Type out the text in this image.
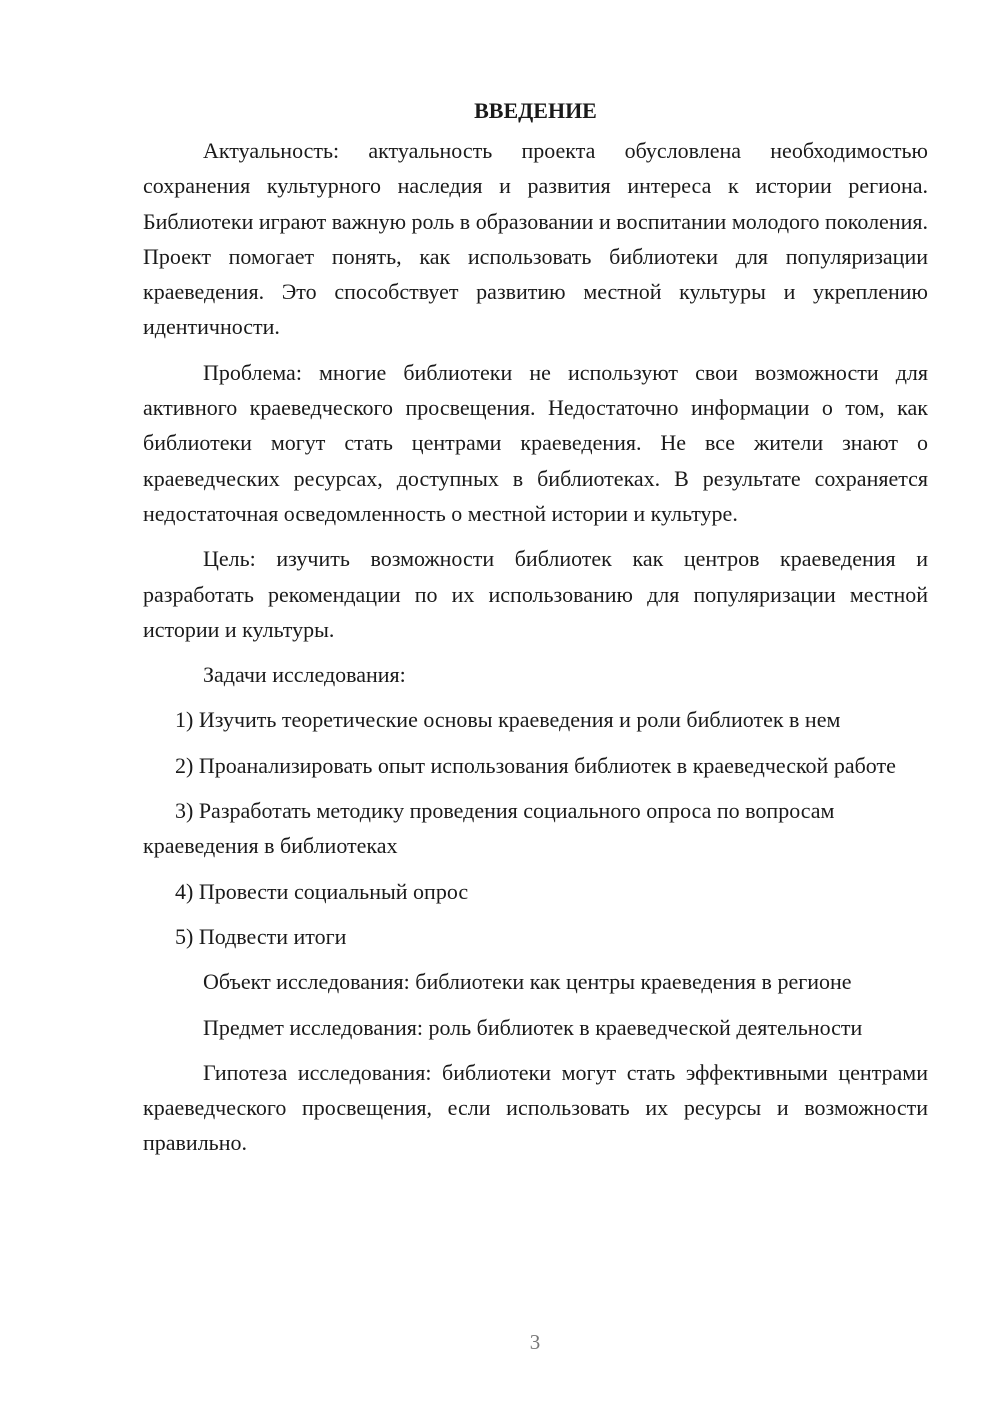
ВВЕДЕНИЕ

Актуальность: актуальность проекта обусловлена необходимостью сохранения культурного наследия и развития интереса к истории региона. Библиотеки играют важную роль в образовании и воспитании молодого поколения. Проект помогает понять, как использовать библиотеки для популяризации краеведения. Это способствует развитию местной культуры и укреплению идентичности.

Проблема: многие библиотеки не используют свои возможности для активного краеведческого просвещения. Недостаточно информации о том, как библиотеки могут стать центрами краеведения. Не все жители знают о краеведческих ресурсах, доступных в библиотеках. В результате сохраняется недостаточная осведомленность о местной истории и культуре.

Цель: изучить возможности библиотек как центров краеведения и разработать рекомендации по их использованию для популяризации местной истории и культуры.

Задачи исследования:

1) Изучить теоретические основы краеведения и роли библиотек в нем

2) Проанализировать опыт использования библиотек в краеведческой работе

3) Разработать методику проведения социального опроса по вопросам краеведения в библиотеках

4) Провести социальный опрос

5) Подвести итоги

Объект исследования: библиотеки как центры краеведения в регионе

Предмет исследования: роль библиотек в краеведческой деятельности

Гипотеза исследования: библиотеки могут стать эффективными центрами краеведческого просвещения, если использовать их ресурсы и возможности правильно.

3
